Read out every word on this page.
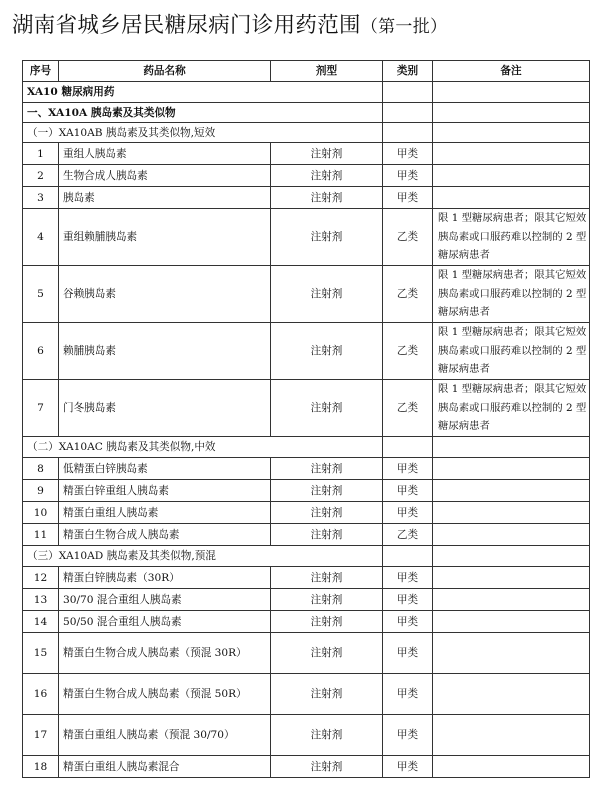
湖南省城乡居民糖尿病门诊用药范围（第一批）
序号	药品名称	剂型	类别	备注
XA10 糖尿病用药				
一、XA10A 胰岛素及其类似物				
（一）XA10AB 胰岛素及其类似物,短效				
1	重组人胰岛素	注射剂	甲类	
2	生物合成人胰岛素	注射剂	甲类	
3	胰岛素	注射剂	甲类	
4	重组赖脯胰岛素	注射剂	乙类	限 1 型糖尿病患者；限其它短效胰岛素或口服药难以控制的 2 型糖尿病患者
5	谷赖胰岛素	注射剂	乙类	限 1 型糖尿病患者；限其它短效胰岛素或口服药难以控制的 2 型糖尿病患者
6	赖脯胰岛素	注射剂	乙类	限 1 型糖尿病患者；限其它短效胰岛素或口服药难以控制的 2 型糖尿病患者
7	门冬胰岛素	注射剂	乙类	限 1 型糖尿病患者；限其它短效胰岛素或口服药难以控制的 2 型糖尿病患者
（二）XA10AC 胰岛素及其类似物,中效				
8	低精蛋白锌胰岛素	注射剂	甲类	
9	精蛋白锌重组人胰岛素	注射剂	甲类	
10	精蛋白重组人胰岛素	注射剂	甲类	
11	精蛋白生物合成人胰岛素	注射剂	乙类	
（三）XA10AD 胰岛素及其类似物,预混				
12	精蛋白锌胰岛素（30R）	注射剂	甲类	
13	30/70 混合重组人胰岛素	注射剂	甲类	
14	50/50 混合重组人胰岛素	注射剂	甲类	
15	精蛋白生物合成人胰岛素（预混 30R）	注射剂	甲类	
16	精蛋白生物合成人胰岛素（预混 50R）	注射剂	甲类	
17	精蛋白重组人胰岛素（预混 30/70）	注射剂	甲类	
18	精蛋白重组人胰岛素混合	注射剂	甲类	
